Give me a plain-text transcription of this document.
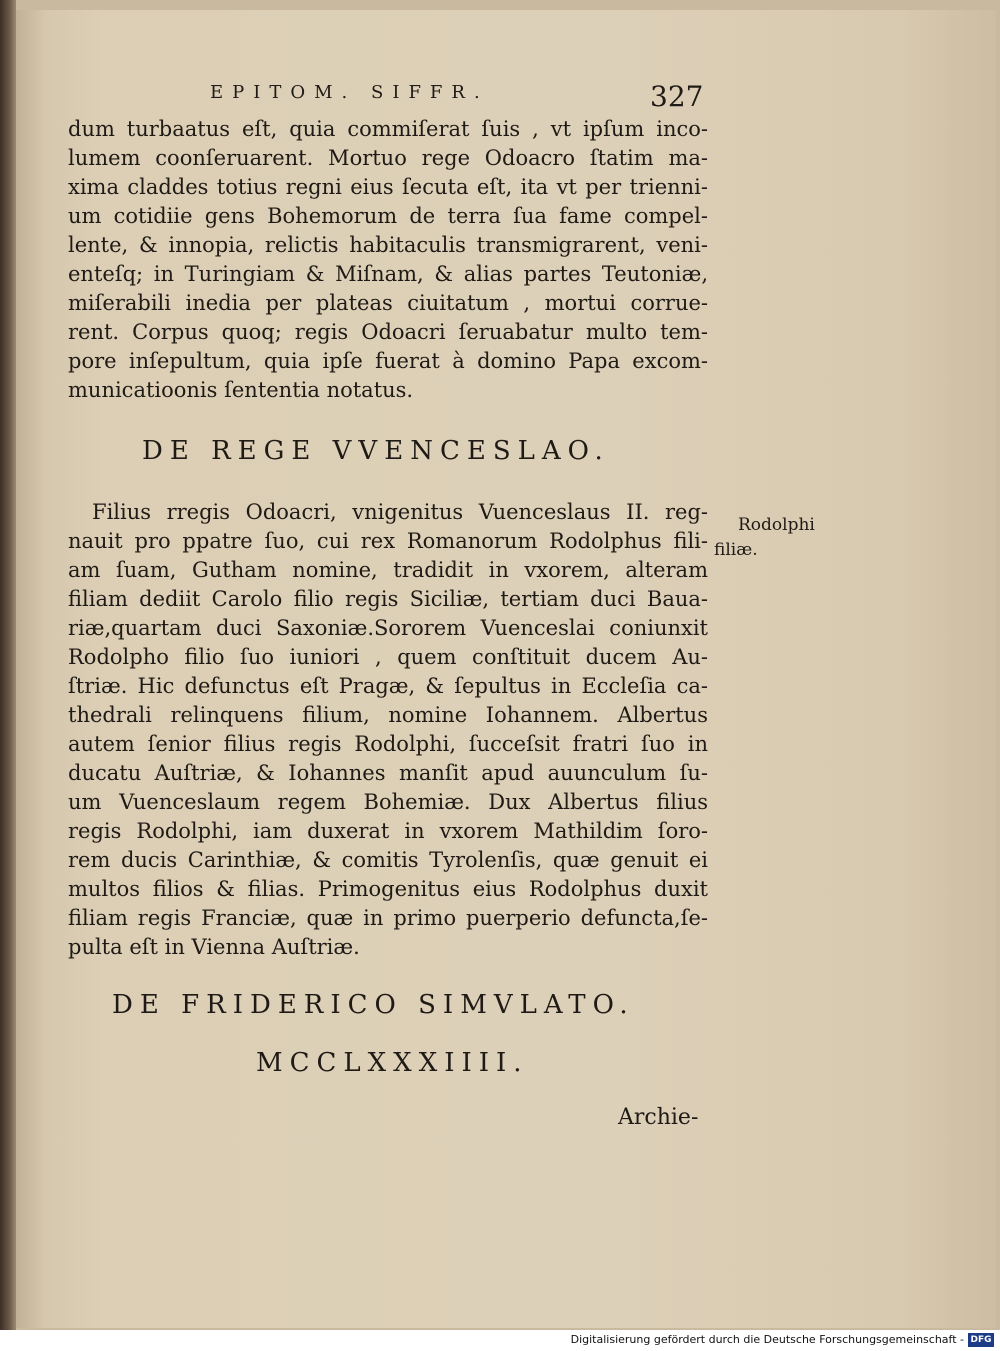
EPITOM. SIFFR.	327
dum turbaatus eſt, quia commiſerat ſuis , vt ipſum inco-
lumem coonſeruarent. Mortuo rege Odoacro ſtatim ma-
xima claddes totius regni eius ſecuta eſt, ita vt per trienni-
um cotidiie gens Bohemorum de terra ſua fame compel-
lente, & innopia, relictis habitaculis transmigrarent, veni-
enteſq; in Turingiam & Miſnam, & alias partes Teutoniæ,
miſerabili inedia per plateas ciuitatum , mortui corrue-
rent. Corpus quoq; regis Odoacri ſeruabatur multo tem-
pore inſepultum, quia ipſe fuerat à domino Papa excom-
municatioonis ſententia notatus.
DE REGE VVENCESLAO.
Filius rregis Odoacri, vnigenitus Vuenceslaus II. reg-
nauit pro ppatre ſuo, cui rex Romanorum Rodolphus fili-
am ſuam, Gutham nomine, tradidit in vxorem, alteram
filiam dediit Carolo filio regis Siciliæ, tertiam duci Baua-
riæ,quartam duci Saxoniæ.Sororem Vuenceslai coniunxit
Rodolpho filio ſuo iuniori , quem conſtituit ducem Au-
ſtriæ. Hic defunctus eſt Pragæ, & ſepultus in Eccleſia ca-
thedrali relinquens filium, nomine Iohannem. Albertus
autem ſenior filius regis Rodolphi, ſucceſsit fratri ſuo in
ducatu Auſtriæ, & Iohannes manſit apud auunculum ſu-
um Vuenceslaum regem Bohemiæ. Dux Albertus filius
regis Rodolphi, iam duxerat in vxorem Mathildim ſoro-
rem ducis Carinthiæ, & comitis Tyrolenſis, quæ genuit ei
multos filios & filias. Primogenitus eius Rodolphus duxit
filiam regis Franciæ, quæ in primo puerperio defuncta,ſe-
pulta eſt in Vienna Auſtriæ.
Rodolphi
filiæ.
DE FRIDERICO SIMVLATO.
MCCLXXXIIII.
Archie-
Digitalisierung gefördert durch die Deutsche Forschungsgemeinschaft - DFG
